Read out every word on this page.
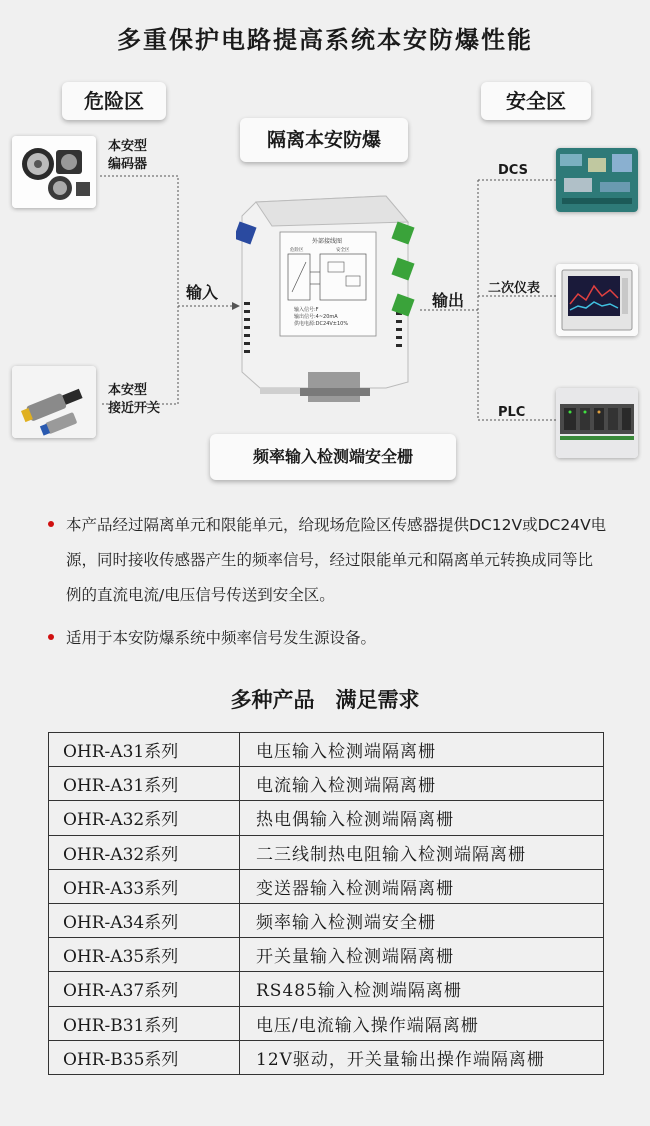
多重保护电路提高系统本安防爆性能
危险区	安全区
隔离本安防爆
频率输入检测端安全栅
本安型
编码器
本安型
接近开关
输入	输出
DCS
二次仪表
PLC
外部接线图
危险区	安全区
输入信号:F
输出信号:4~20mA
供电电源:DC24V±10%
本产品经过隔离单元和限能单元，给现场危险区传感器提供DC12V或DC24V电源，同时接收传感器产生的频率信号，经过限能单元和隔离单元转换成同等比例的直流电流/电压信号传送到安全区。
适用于本安防爆系统中频率信号发生源设备。
多种产品　满足需求
OHR-A31系列	电压输入检测端隔离栅
OHR-A31系列	电流输入检测端隔离栅
OHR-A32系列	热电偶输入检测端隔离栅
OHR-A32系列	二三线制热电阻输入检测端隔离栅
OHR-A33系列	变送器输入检测端隔离栅
OHR-A34系列	频率输入检测端安全栅
OHR-A35系列	开关量输入检测端隔离栅
OHR-A37系列	RS485输入检测端隔离栅
OHR-B31系列	电压/电流输入操作端隔离栅
OHR-B35系列	12V驱动，开关量输出操作端隔离栅
